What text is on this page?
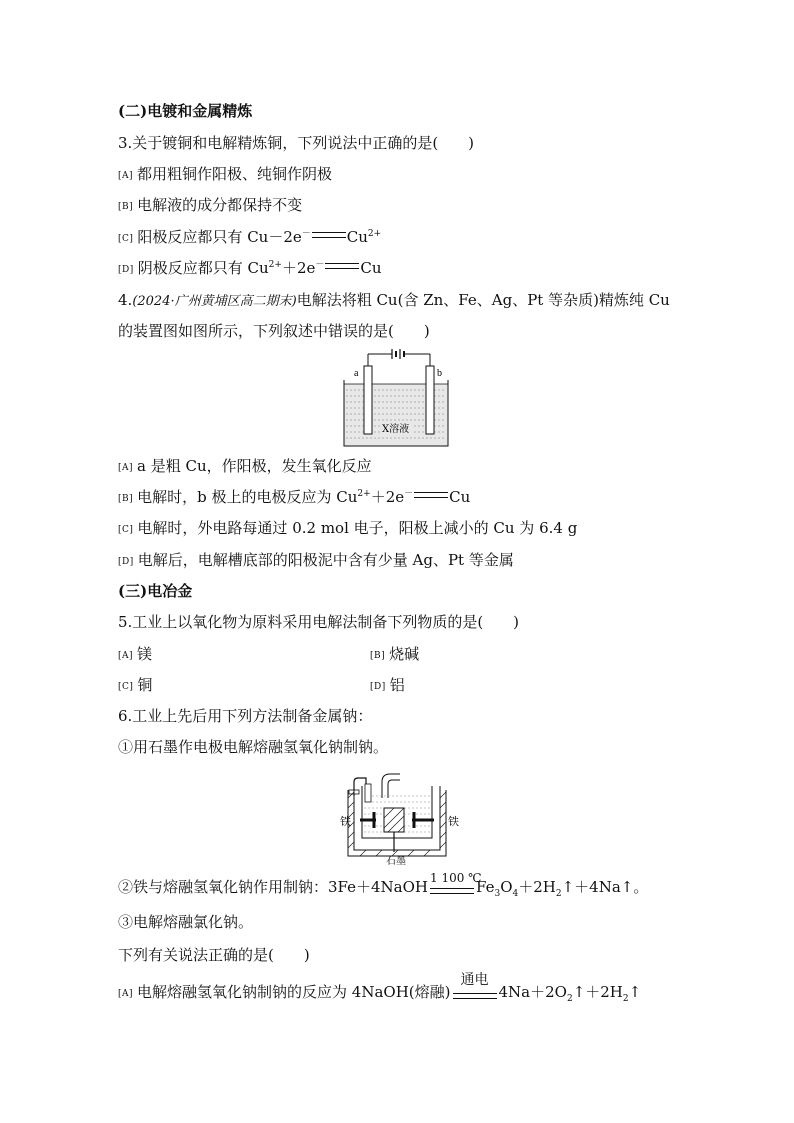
(二)电镀和金属精炼
3.关于镀铜和电解精炼铜，下列说法中正确的是(　　)
[A] 都用粗铜作阳极、纯铜作阴极
[B] 电解液的成分都保持不变
[C] 阳极反应都只有 Cu－2e－ $Cu^{2+}$
[D] 阴极反应都只有 $Cu^{2+}+2e^-$ Cu
4.(2024·广州黄埔区高二期末)电解法将粗 Cu(含 Zn、Fe、Ag、Pt 等杂质)精炼纯 Cu
的装置图如图所示，下列叙述中错误的是(　　)
a	b
X溶液
[A] a 是粗 Cu，作阳极，发生氧化反应
[B] 电解时，b 极上的电极反应为 $Cu^{2+}+2e^-$ Cu
[C] 电解时，外电路每通过 0.2 mol 电子，阳极上减小的 Cu 为 6.4 g
[D] 电解后，电解槽底部的阳极泥中含有少量 Ag、Pt 等金属
(三)电冶金
5.工业上以氧化物为原料采用电解法制备下列物质的是(　　)
[A] 镁	[B] 烧碱
[C] 铜	[D] 铝
6.工业上先后用下列方法制备金属钠：
①用石墨作电极电解熔融氢氧化钠制钠。
铁	铁
石墨
②铁与熔融氢氧化钠作用制钠：3Fe＋4NaOH 1 100 ℃
$Fe_3O_4+2H_2↑+4Na↑$。
③电解熔融氯化钠。
下列有关说法正确的是(　　)
[A] 电解熔融氢氧化钠制钠的反应为 4NaOH(熔融)
通电
$4Na+2O_2↑+2H_2↑$
